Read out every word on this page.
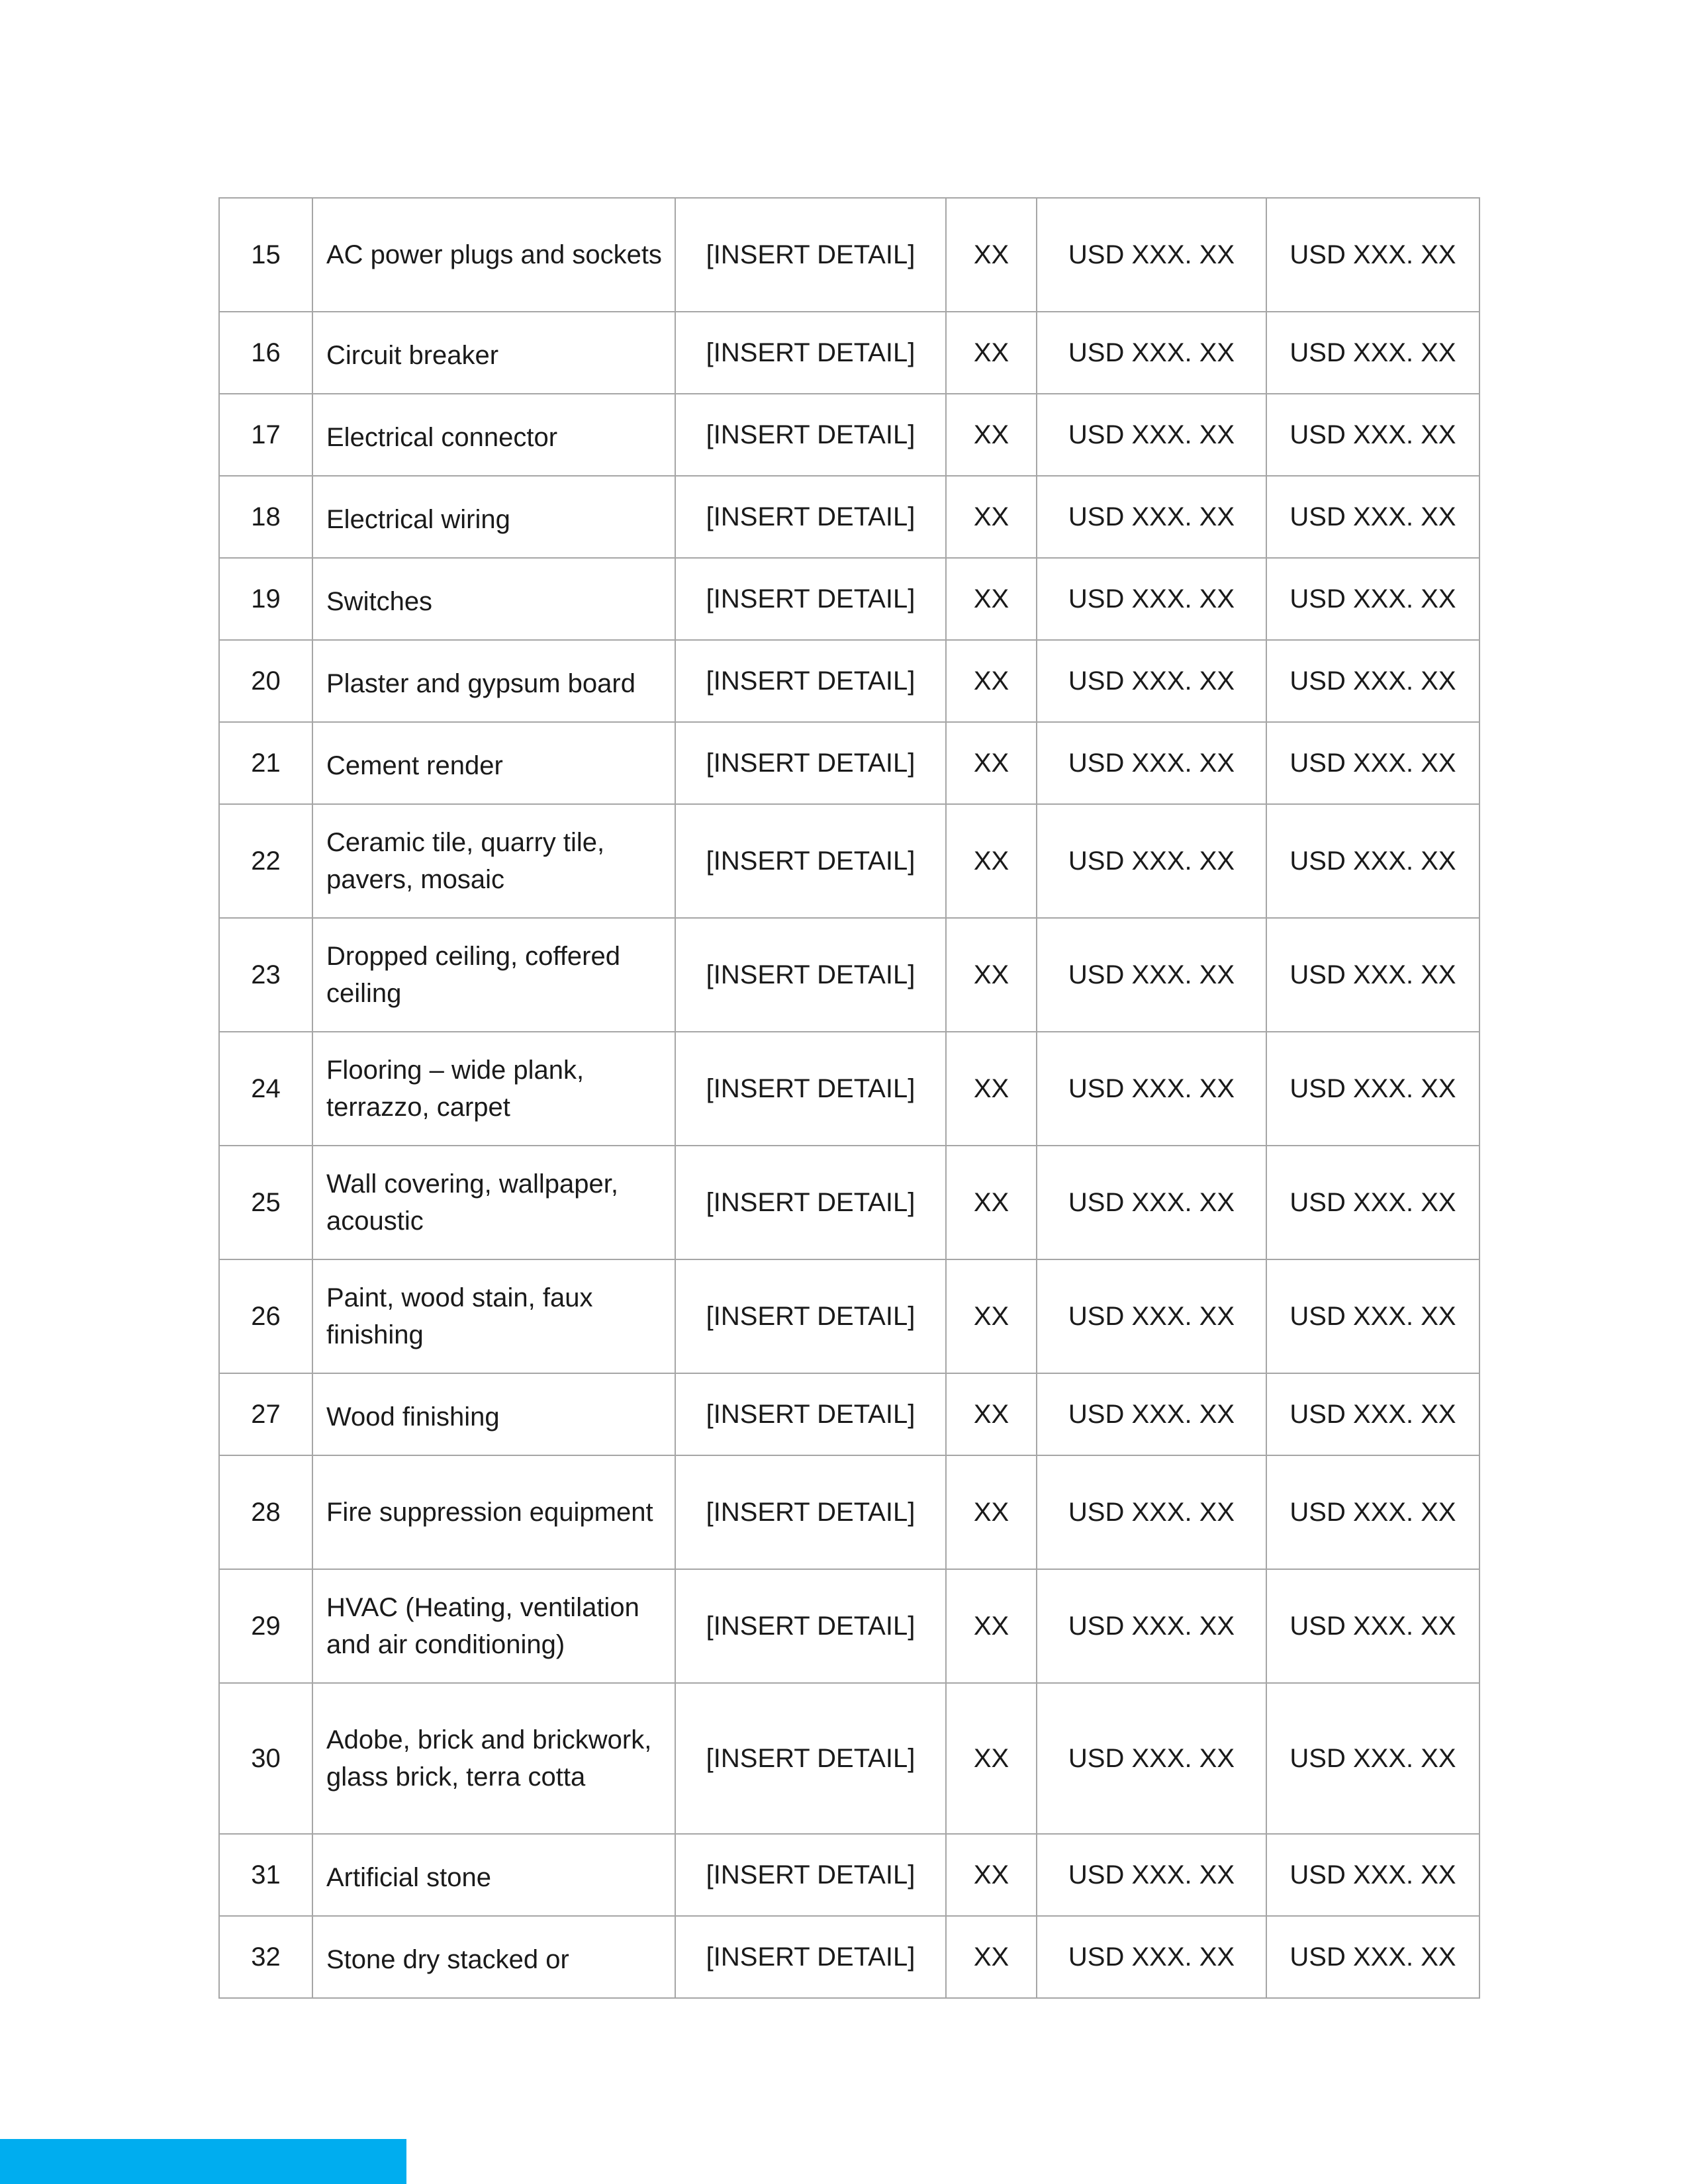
15	AC power plugs and sockets	[INSERT DETAIL]	XX	USD XXX. XX	USD XXX. XX
16	Circuit breaker	[INSERT DETAIL]	XX	USD XXX. XX	USD XXX. XX
17	Electrical connector	[INSERT DETAIL]	XX	USD XXX. XX	USD XXX. XX
18	Electrical wiring	[INSERT DETAIL]	XX	USD XXX. XX	USD XXX. XX
19	Switches	[INSERT DETAIL]	XX	USD XXX. XX	USD XXX. XX
20	Plaster and gypsum board	[INSERT DETAIL]	XX	USD XXX. XX	USD XXX. XX
21	Cement render	[INSERT DETAIL]	XX	USD XXX. XX	USD XXX. XX
22	Ceramic tile, quarry tile, pavers, mosaic	[INSERT DETAIL]	XX	USD XXX. XX	USD XXX. XX
23	Dropped ceiling, coffered ceiling	[INSERT DETAIL]	XX	USD XXX. XX	USD XXX. XX
24	Flooring – wide plank, terrazzo, carpet	[INSERT DETAIL]	XX	USD XXX. XX	USD XXX. XX
25	Wall covering, wallpaper, acoustic	[INSERT DETAIL]	XX	USD XXX. XX	USD XXX. XX
26	Paint, wood stain, faux finishing	[INSERT DETAIL]	XX	USD XXX. XX	USD XXX. XX
27	Wood finishing	[INSERT DETAIL]	XX	USD XXX. XX	USD XXX. XX
28	Fire suppression equipment	[INSERT DETAIL]	XX	USD XXX. XX	USD XXX. XX
29	HVAC (Heating, ventilation and air conditioning)	[INSERT DETAIL]	XX	USD XXX. XX	USD XXX. XX
30	Adobe, brick and brickwork, glass brick, terra cotta	[INSERT DETAIL]	XX	USD XXX. XX	USD XXX. XX
31	Artificial stone	[INSERT DETAIL]	XX	USD XXX. XX	USD XXX. XX
32	Stone dry stacked or	[INSERT DETAIL]	XX	USD XXX. XX	USD XXX. XX
